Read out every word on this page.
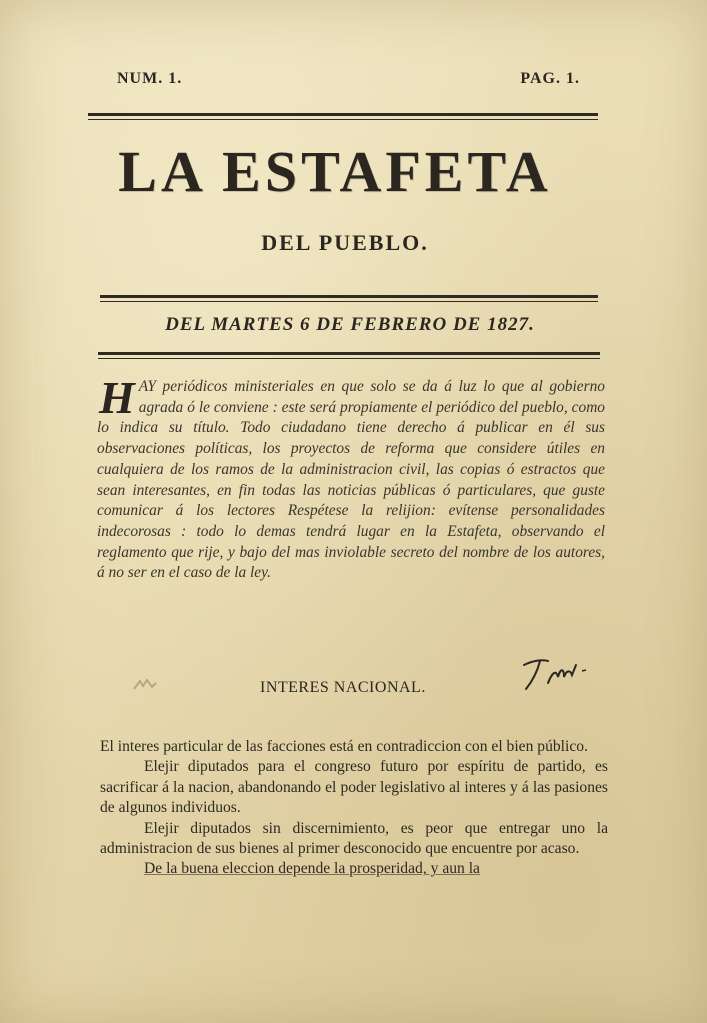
NUM. 1.	PAG. 1.
LA ESTAFETA
DEL PUEBLO.
DEL MARTES 6 DE FEBRERO DE 1827.
H AY periódicos ministeriales en que solo se da á luz lo que al gobierno agrada ó le conviene : este será propiamente el periódico del pueblo, como lo indica su título. Todo ciudadano tiene derecho á publicar en él sus observaciones políticas, los proyectos de reforma que considere útiles en cualquiera de los ramos de la administracion civil, las copias ó estractos que sean interesantes, en fin todas las noticias públicas ó particulares, que guste comunicar á los lectores Respétese la relijion: evítense personalidades indecorosas : todo lo demas tendrá lugar en la Estafeta, observando el reglamento que rije, y bajo del mas inviolable secreto del nombre de los autores, á no ser en el caso de la ley.
INTERES NACIONAL.

El interes particular de las facciones está en contradiccion con el bien público.

Elejir diputados para el congreso futuro por espíritu de partido, es sacrificar á la nacion, abandonando el poder legislativo al interes y á las pasiones de algunos individuos.

Elejir diputados sin discernimiento, es peor que entregar uno la administracion de sus bienes al primer desconocido que encuentre por acaso.

De la buena eleccion depende la prosperidad, y aun la
